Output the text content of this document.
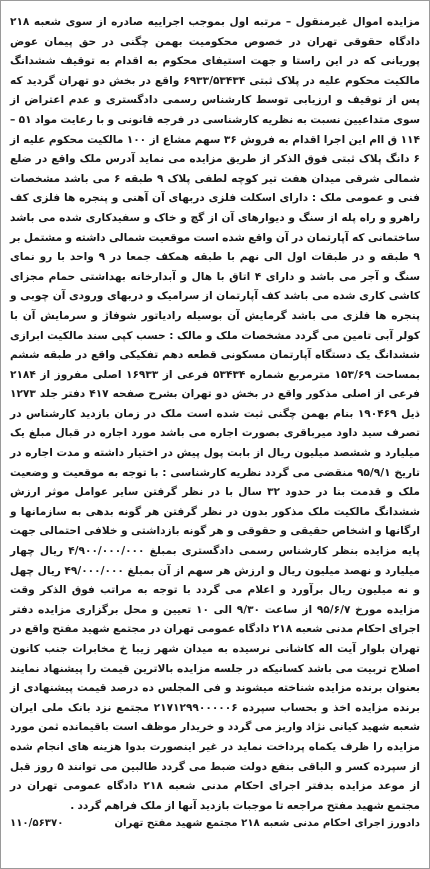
مزایده اموال غیرمنقول – مرتبه اول بموجب اجراییه صادره از سوی شعبه ۲۱۸ دادگاه حقوقی تهران در خصوص محکومیت بهمن چگنی در حق پیمان عوض پوریانی که در این راستا و جهت استیفای محکوم به اقدام به توقیف ششدانگ مالکیت محکوم علیه در پلاک ثبتی ۶۹۳۳/۵۳۴۳۴ واقع در بخش دو تهران گردید که پس از توقیف و ارزیابی توسط کارشناس رسمی دادگستری و عدم اعتراض از سوی متداعیین نسبت به نظریه کارشناسی در فرجه قانونی و با رعایت مواد ۵۱ – ۱۱۴ ق اام این اجرا اقدام به فروش ۳۶ سهم مشاع از ۱۰۰ مالکیت محکوم علیه از ۶ دانگ پلاک ثبتی فوق الذکر از طریق مزایده می نماید آدرس ملک واقع در ضلع شمالی شرقی میدان هفت تیر کوچه لطفی پلاک ۹ طبقه ۶ می باشد مشخصات فنی و عمومی ملک : دارای اسکلت فلزی دربهای آن آهنی و پنجره ها فلزی کف راهرو و راه پله از سنگ و دیوارهای آن از گچ و خاک و سفیدکاری شده می باشد ساختمانی که آپارتمان در آن واقع شده است موقعیت شمالی داشته و مشتمل بر ۹ طبقه و در طبقات اول الی نهم با طبقه همکف جمعا در ۹ واحد با رو نمای سنگ و آجر می باشد و دارای ۴ اتاق با هال و آبدارخانه بهداشتی حمام مجزای کاشی کاری شده می باشد کف آپارتمان از سرامیک و دربهای ورودی آن چوبی و پنجره ها فلزی می باشد گرمایش آن بوسیله رادیاتور شوفاژ و سرمایش آن با کولر آبی تامین می گردد مشخصات ملک و مالک : حسب کپی سند مالکیت ابرازی ششدانگ یک دستگاه آپارتمان مسکونی قطعه دهم تفکیکی واقع در طبقه ششم بمساحت ۱۵۳/۶۹ مترمربع شماره ۵۳۴۳۴ فرعی از ۱۶۹۳۳ اصلی مفروز از ۲۱۸۴ فرعی از اصلی مذکور واقع در بخش دو تهران بشرح صفحه ۴۱۷ دفتر جلد ۱۲۷۳ ذیل ۱۹۰۴۶۹ بنام بهمن چگنی ثبت شده است ملک در زمان بازدید کارشناس در تصرف سید داود میرباقری بصورت اجاره می باشد مورد اجاره در قبال مبلغ یک میلیارد و ششصد میلیون ریال از بابت پول پیش در اختیار داشته و مدت اجاره در تاریخ ۹۵/۹/۱ منقضی می گردد نظریه کارشناسی : با توجه به موقعیت و وضعیت ملک و قدمت بنا در حدود ۳۲ سال با در نظر گرفتن سایر عوامل موثر ارزش ششدانگ مالکیت ملک مذکور بدون در نظر گرفتن هر گونه بدهی به سازمانها و ارگانها و اشخاص حقیقی و حقوقی و هر گونه بازداشتی و خلافی احتمالی جهت پایه مزایده بنظر کارشناس رسمی دادگستری بمبلغ ۴/۹۰۰/۰۰۰/۰۰۰ ریال چهار میلیارد و نهصد میلیون ریال و ارزش هر سهم از آن بمبلغ ۴۹/۰۰۰/۰۰۰ ریال چهل و نه میلیون ریال برآورد و اعلام می گردد با توجه به مراتب فوق الذکر وقت مزایده مورخ ۹۵/۶/۷ از ساعت ۹/۳۰ الی ۱۰ تعیین و محل برگزاری مزایده دفتر اجرای احکام مدنی شعبه ۲۱۸ دادگاه عمومی تهران در مجتمع شهید مفتح واقع در تهران بلوار آیت اله کاشانی نرسیده به میدان شهر زیبا خ مخابرات جنب کانون اصلاح تربیت می باشد کسانیکه در جلسه مزایده بالاترین قیمت را پیشنهاد نمایند بعنوان برنده مزایده شناخته میشوند و فی المجلس ده درصد قیمت پیشنهادی از برنده مزایده اخذ و بحساب سپرده ۲۱۷۱۲۹۹۰۰۰۰۰۶ مجتمع نزد بانک ملی ایران شعبه شهید کیانی نژاد واریز می گردد و خریدار موظف است باقیمانده ثمن مورد مزایده را ظرف یکماه پرداخت نماید در غیر اینصورت بدوا هزینه های انجام شده از سپرده کسر و الباقی بنفع دولت ضبط می گردد طالبین می توانند ۵ روز قبل از موعد مزایده بدفتر اجرای احکام مدنی شعبه ۲۱۸ دادگاه عمومی تهران در مجتمع شهید مفتح مراجعه تا موجبات بازدید آنها از ملک فراهم گردد .

دادورز اجرای احکام مدنی شعبه ۲۱۸ مجتمع شهید مفتح تهران
۱۱۰/۵۶۳۷۰
